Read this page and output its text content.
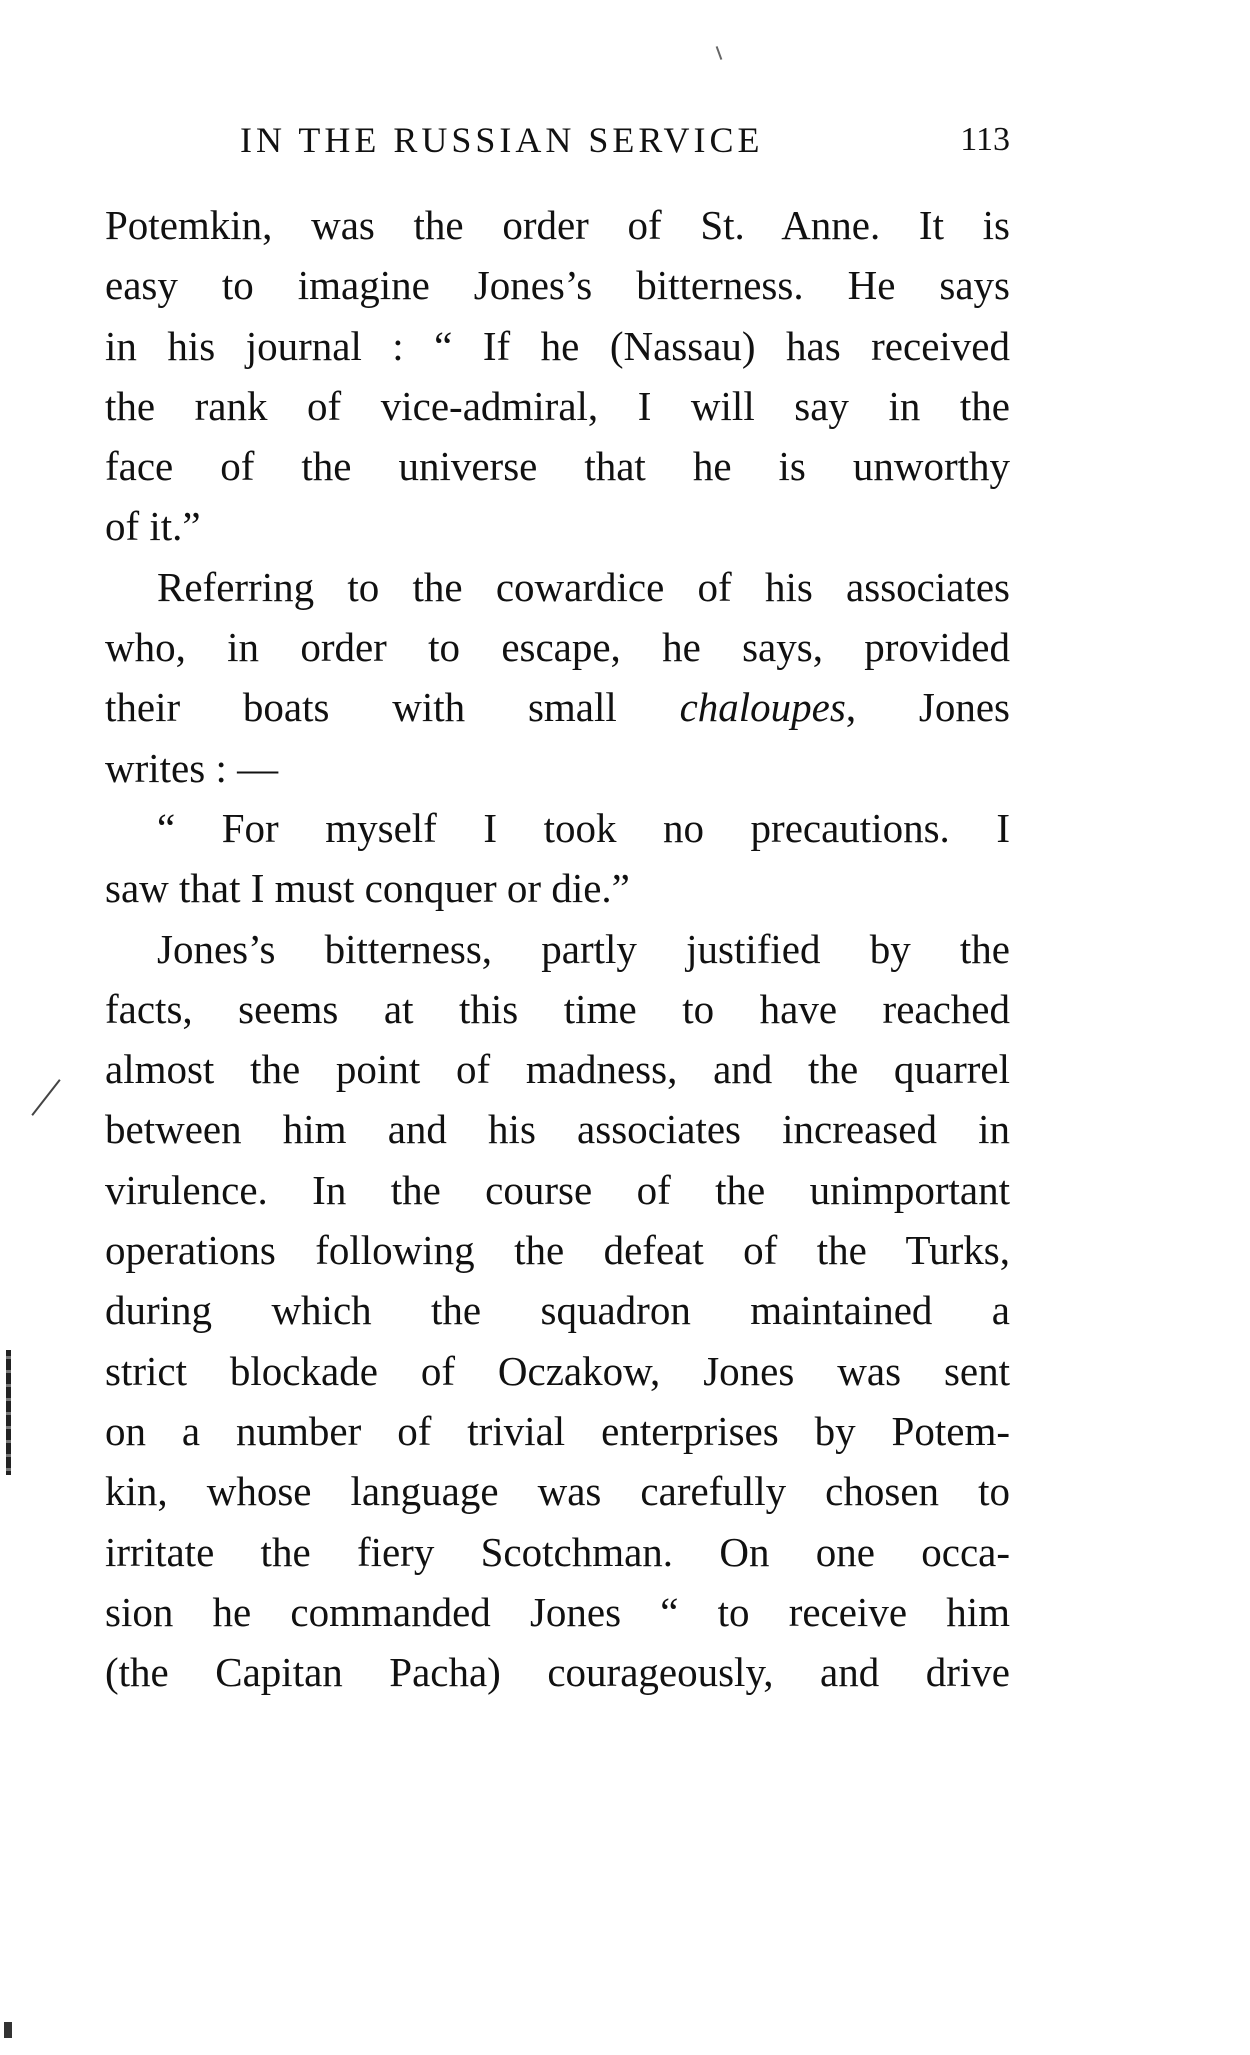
IN THE RUSSIAN SERVICE	113

Potemkin, was the order of St. Anne. It is
easy to imagine Jones’s bitterness. He says
in his journal : “ If he (Nassau) has received
the rank of vice-admiral, I will say in the
face of the universe that he is unworthy
of it.”

Referring to the cowardice of his associates
who, in order to escape, he says, provided
their boats with small chaloupes, Jones
writes : —

“ For myself I took no precautions. I
saw that I must conquer or die.”

Jones’s bitterness, partly justified by the
facts, seems at this time to have reached
almost the point of madness, and the quarrel
between him and his associates increased in
virulence. In the course of the unimportant
operations following the defeat of the Turks,
during which the squadron maintained a
strict blockade of Oczakow, Jones was sent
on a number of trivial enterprises by Potem-
kin, whose language was carefully chosen to
irritate the fiery Scotchman. On one occa-
sion he commanded Jones “ to receive him
(the Capitan Pacha) courageously, and drive
